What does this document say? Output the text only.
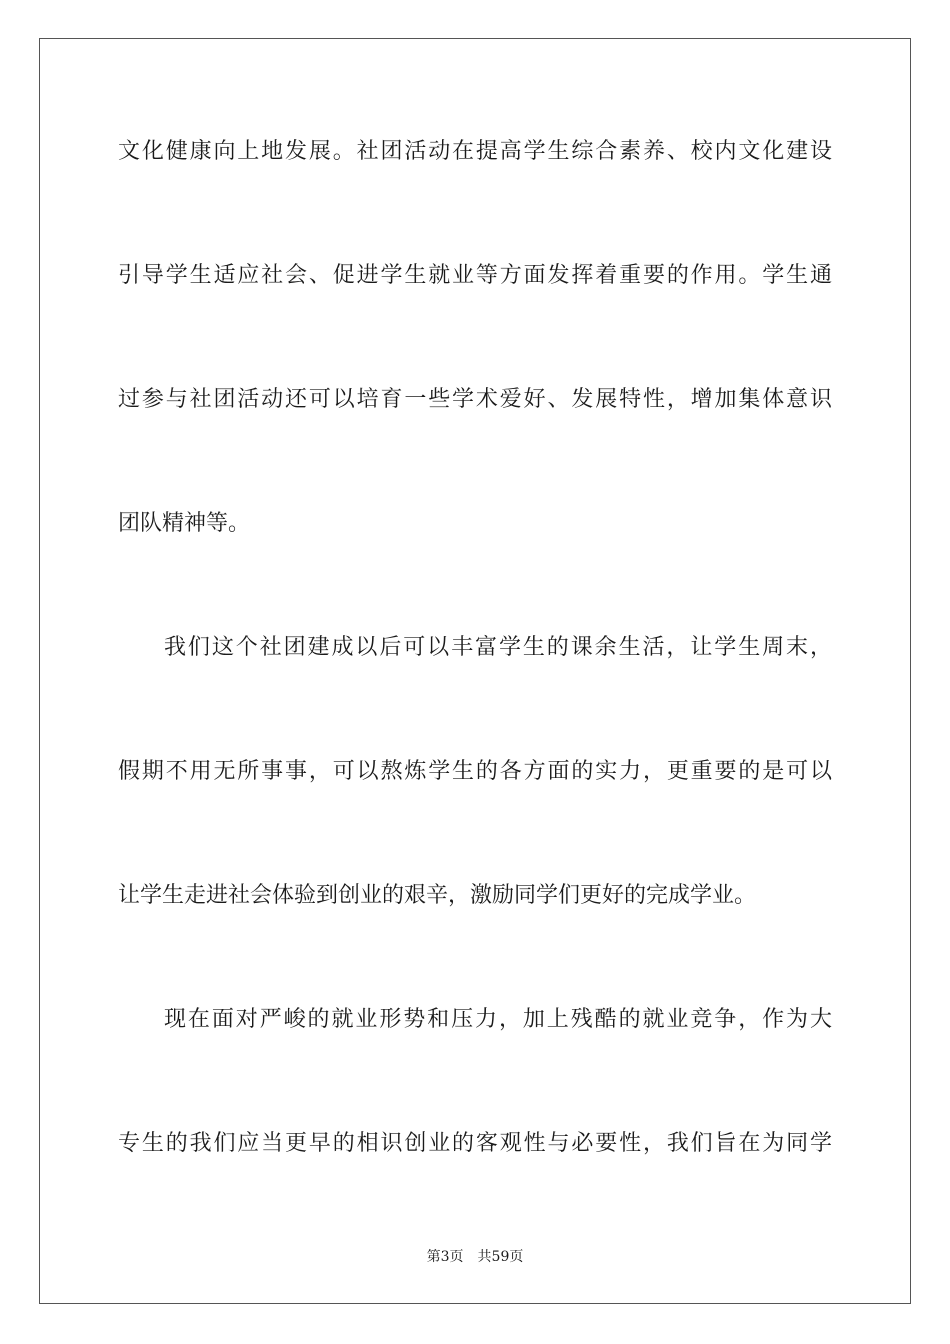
文化健康向上地发展。社团活动在提高学生综合素养、校内文化建设
引导学生适应社会、促进学生就业等方面发挥着重要的作用。学生通
过参与社团活动还可以培育一些学术爱好、发展特性，增加集体意识
团队精神等。
我们这个社团建成以后可以丰富学生的课余生活，让学生周末，
假期不用无所事事，可以熬炼学生的各方面的实力，更重要的是可以
让学生走进社会体验到创业的艰辛，激励同学们更好的完成学业。
现在面对严峻的就业形势和压力，加上残酷的就业竞争，作为大
专生的我们应当更早的相识创业的客观性与必要性，我们旨在为同学
第3页 共59页
